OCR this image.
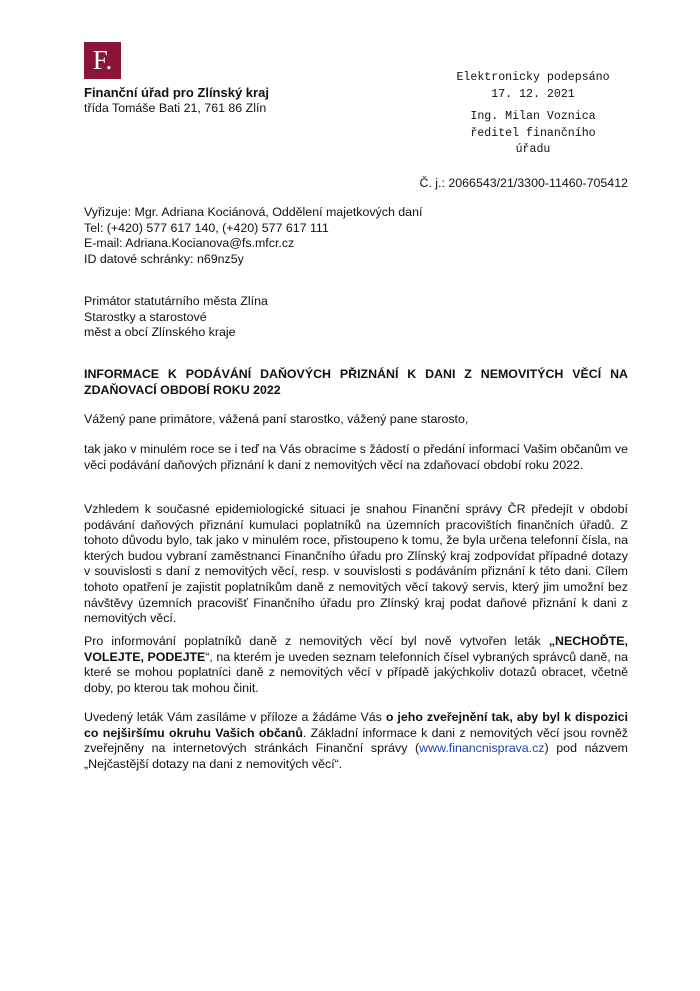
F.
Finanční úřad pro Zlínský kraj
třída Tomáše Bati 21, 761 86 Zlín
Elektronicky podepsáno
17. 12. 2021
Ing. Milan Voznica
ředitel finančního
úřadu
Č. j.: 2066543/21/3300-11460-705412
Vyřizuje: Mgr. Adriana Kociánová, Oddělení majetkových daní
Tel: (+420) 577 617 140, (+420) 577 617 111
E-mail: Adriana.Kocianova@fs.mfcr.cz
ID datové schránky: n69nz5y
Primátor statutárního města Zlína
Starostky a starostové
měst a obcí Zlínského kraje
INFORMACE K PODÁVÁNÍ DAŇOVÝCH PŘIZNÁNÍ K DANI Z NEMOVITÝCH VĚCÍ NA ZDAŇOVACÍ OBDOBÍ ROKU 2022
Vážený pane primátore, vážená paní starostko, vážený pane starosto,

tak jako v minulém roce se i teď na Vás obracíme s žádostí o předání informací Vašim občanům ve věci podávání daňových přiznání k dani z nemovitých věcí na zdaňovací období roku 2022.

Vzhledem k současné epidemiologické situaci je snahou Finanční správy ČR předejít v období podávání daňových přiznání kumulaci poplatníků na územních pracovištích finančních úřadů. Z tohoto důvodu bylo, tak jako v minulém roce, přistoupeno k tomu, že byla určena telefonní čísla, na kterých budou vybraní zaměstnanci Finančního úřadu pro Zlínský kraj zodpovídat případné dotazy v souvislosti s daní z nemovitých věcí, resp. v souvislosti s podáváním přiznání k této dani. Cílem tohoto opatření je zajistit poplatníkům daně z nemovitých věcí takový servis, který jim umožní bez návštěvy územních pracovišť Finančního úřadu pro Zlínský kraj podat daňové přiznání k dani z nemovitých věcí.

Pro informování poplatníků daně z nemovitých věcí byl nově vytvořen leták „NECHOĎTE, VOLEJTE, PODEJTE“, na kterém je uveden seznam telefonních čísel vybraných správců daně, na které se mohou poplatníci daně z nemovitých věcí v případě jakýchkoliv dotazů obracet, včetně doby, po kterou tak mohou činit.

Uvedený leták Vám zasíláme v příloze a žádáme Vás o jeho zveřejnění tak, aby byl k dispozici co nejširšímu okruhu Vašich občanů. Základní informace k dani z nemovitých věcí jsou rovněž zveřejněny na internetových stránkách Finanční správy (www.financnisprava.cz) pod názvem „Nejčastější dotazy na dani z nemovitých věcí“.
